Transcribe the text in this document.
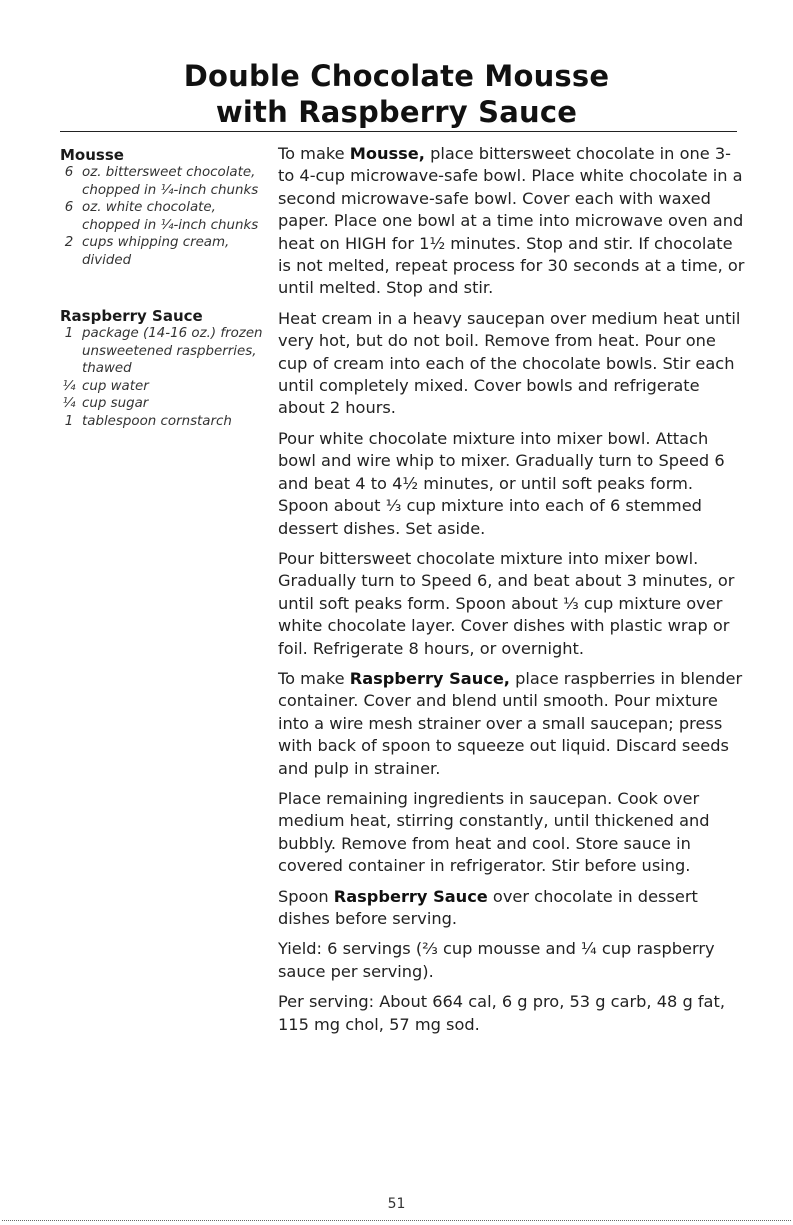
Double Chocolate Mousse
with Raspberry Sauce
Mousse
6 oz. bittersweet chocolate, chopped in ¼-inch chunks
6 oz. white chocolate, chopped in ¼-inch chunks
2 cups whipping cream, divided
Raspberry Sauce
1 package (14-16 oz.) frozen unsweetened raspberries, thawed
¼ cup water
¼ cup sugar
1 tablespoon cornstarch

To make Mousse, place bittersweet chocolate in one 3- to 4-cup microwave-safe bowl. Place white chocolate in a second microwave-safe bowl. Cover each with waxed paper. Place one bowl at a time into microwave oven and heat on HIGH for 1½ minutes. Stop and stir. If chocolate is not melted, repeat process for 30 seconds at a time, or until melted. Stop and stir.

Heat cream in a heavy saucepan over medium heat until very hot, but do not boil. Remove from heat. Pour one cup of cream into each of the chocolate bowls. Stir each until completely mixed. Cover bowls and refrigerate about 2 hours.

Pour white chocolate mixture into mixer bowl. Attach bowl and wire whip to mixer. Gradually turn to Speed 6 and beat 4 to 4½ minutes, or until soft peaks form. Spoon about ⅓ cup mixture into each of 6 stemmed dessert dishes. Set aside.

Pour bittersweet chocolate mixture into mixer bowl. Gradually turn to Speed 6, and beat about 3 minutes, or until soft peaks form. Spoon about ⅓ cup mixture over white chocolate layer. Cover dishes with plastic wrap or foil. Refrigerate 8 hours, or overnight.

To make Raspberry Sauce, place raspberries in blender container. Cover and blend until smooth. Pour mixture into a wire mesh strainer over a small saucepan; press with back of spoon to squeeze out liquid. Discard seeds and pulp in strainer.

Place remaining ingredients in saucepan. Cook over medium heat, stirring constantly, until thickened and bubbly. Remove from heat and cool. Store sauce in covered container in refrigerator. Stir before using.

Spoon Raspberry Sauce over chocolate in dessert dishes before serving.

Yield: 6 servings (⅔ cup mousse and ¼ cup raspberry sauce per serving).

Per serving: About 664 cal, 6 g pro, 53 g carb, 48 g fat, 115 mg chol, 57 mg sod.

51
